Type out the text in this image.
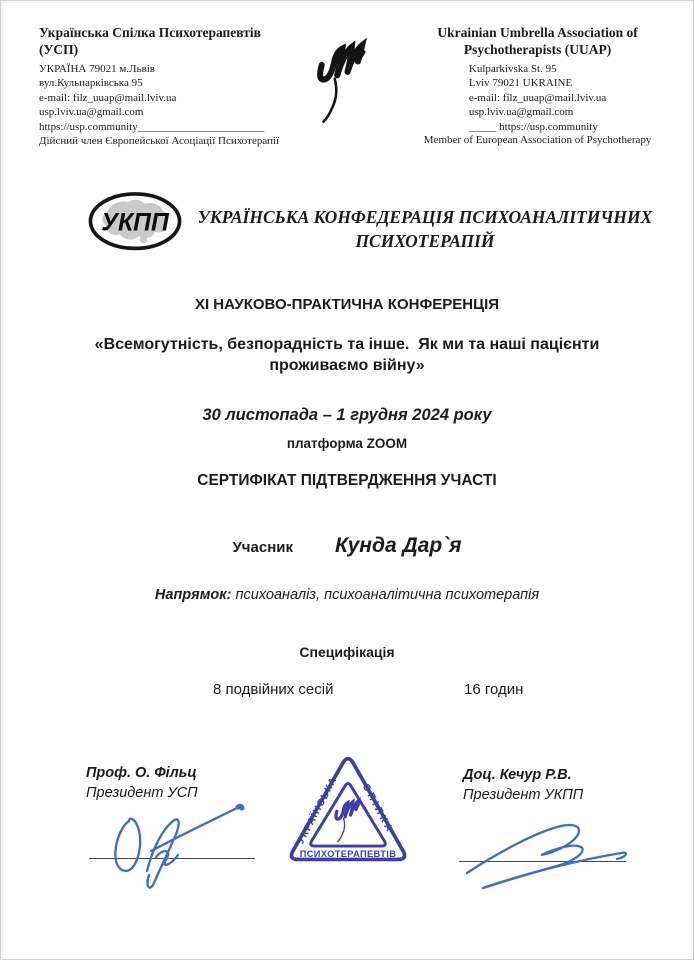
Українська Спілка Психотерапевтів (УСП)
УКРАЇНА 79021 м.Львів
вул.Кульпарківська 95
e-mail: filz_uuap@mail.lviv.ua
usp.lviv.ua@gmail.com
https://usp.community_______________________
Дійсний член Європейської Асоціації Психотерапії
Ukrainian Umbrella Association of Psychotherapists (UUAP)
Kulparkivska St. 95
Lviv 79021 UKRAINE
e-mail: filz_uuap@mail.lviv.ua
usp.lviv.ua@gmail.com
_____ https://usp.community
Member of European Association of Psychotherapy
УКПП УКРАЇНСЬКА КОНФЕДЕРАЦІЯ ПСИХОАНАЛІТИЧНИХ ПСИХОТЕРАПІЙ
ХІ НАУКОВО-ПРАКТИЧНА КОНФЕРЕНЦІЯ
«Всемогутність, безпорадність та інше.  Як ми та наші пацієнти проживаємо війну»
30 листопада – 1 грудня 2024 року
платформа ZOOM
СЕРТИФІКАТ ПІДТВЕРДЖЕННЯ УЧАСТІ
Учасник Кунда Дар`я
Напрямок: психоаналіз, психоаналітична психотерапія
Специфікація
8 подвійних сесій	16 годин
Проф. О. Фільц
Президент УСП
Доц. Кечур Р.В.
Президент УКПП
УКРАЇНСЬКА
СПІЛКА
ПСИХОТЕРАПЕВТІВ
